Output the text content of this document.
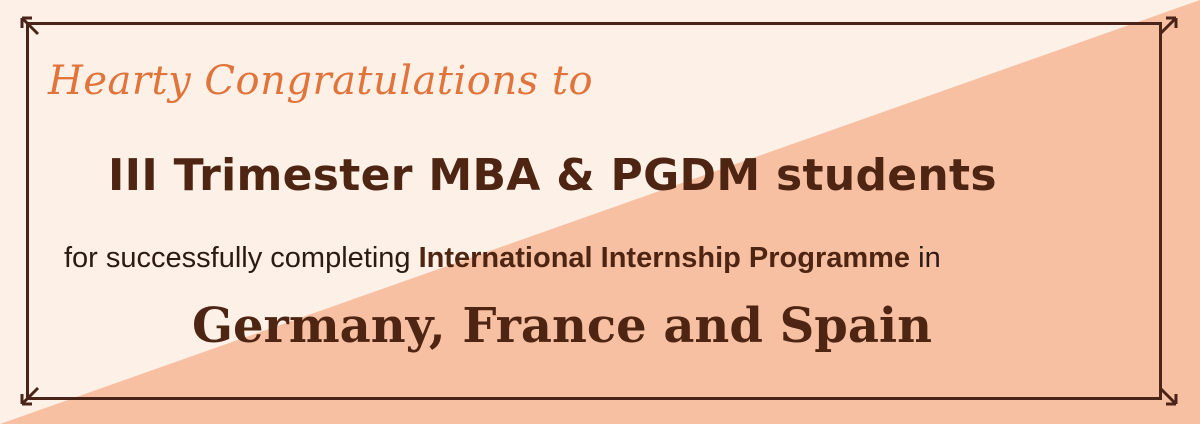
Hearty Congratulations to
III Trimester MBA & PGDM students
for successfully completing International Internship Programme in
Germany, France and Spain
